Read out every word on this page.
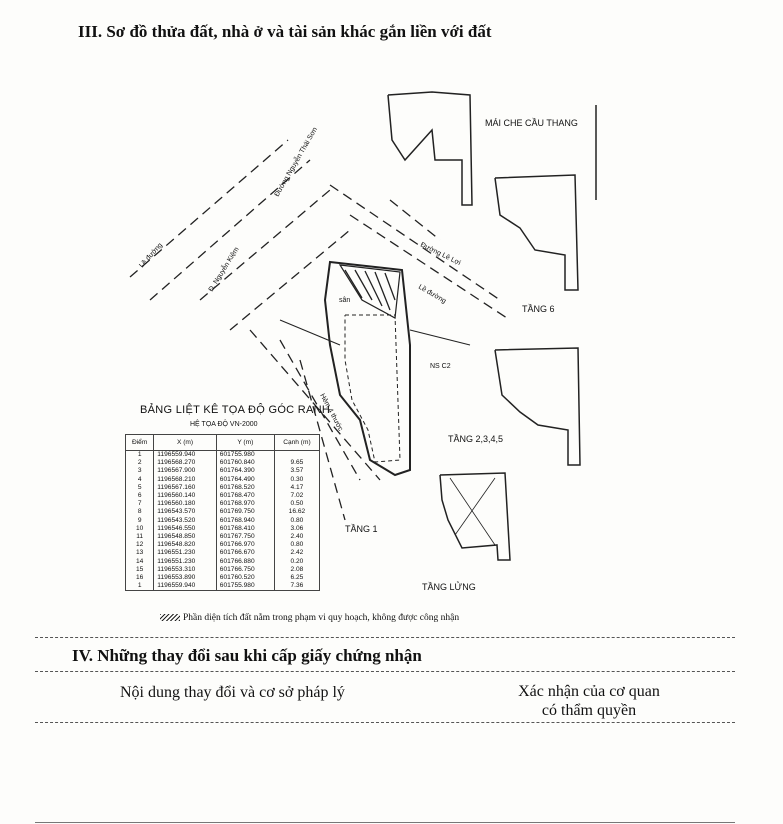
III. Sơ đồ thửa đất, nhà ở và tài sản khác gắn liền với đất
Lề đường
Đường Nguyễn Thái Sơn
Đ. Nguyễn Kiệm	Đường Lê Lợi
Lề đường
Hẻm 4 thước
sân
NS C2
TẦNG 1
MÁI CHE CẦU THANG
TẦNG 6
TẦNG 2,3,4,5
TẦNG LỬNG
BẢNG LIỆT KÊ TỌA ĐỘ GÓC RANH
HỆ TỌA ĐỘ VN-2000
Điểm	X (m)	Y (m)	Cạnh (m)
1	1196559.940	601755.980	
2	1196568.270	601760.840	9.65
3	1196567.900	601764.390	3.57
4	1196568.210	601764.490	0.30
5	1196567.160	601768.520	4.17
6	1196560.140	601768.470	7.02
7	1196560.180	601768.970	0.50
8	1196543.570	601769.750	16.62
9	1196543.520	601768.940	0.80
10	1196546.550	601768.410	3.06
11	1196548.850	601767.750	2.40
12	1196548.820	601766.970	0.80
13	1196551.230	601766.670	2.42
14	1196551.230	601766.880	0.20
15	1196553.310	601766.750	2.08
16	1196553.890	601760.520	6.25
1	1196559.940	601755.980	7.36
Phần diện tích đất nằm trong phạm vi quy hoạch, không được công nhận
IV. Những thay đổi sau khi cấp giấy chứng nhận
Nội dung thay đổi và cơ sở pháp lý	Xác nhận của cơ quan
có thẩm quyền
